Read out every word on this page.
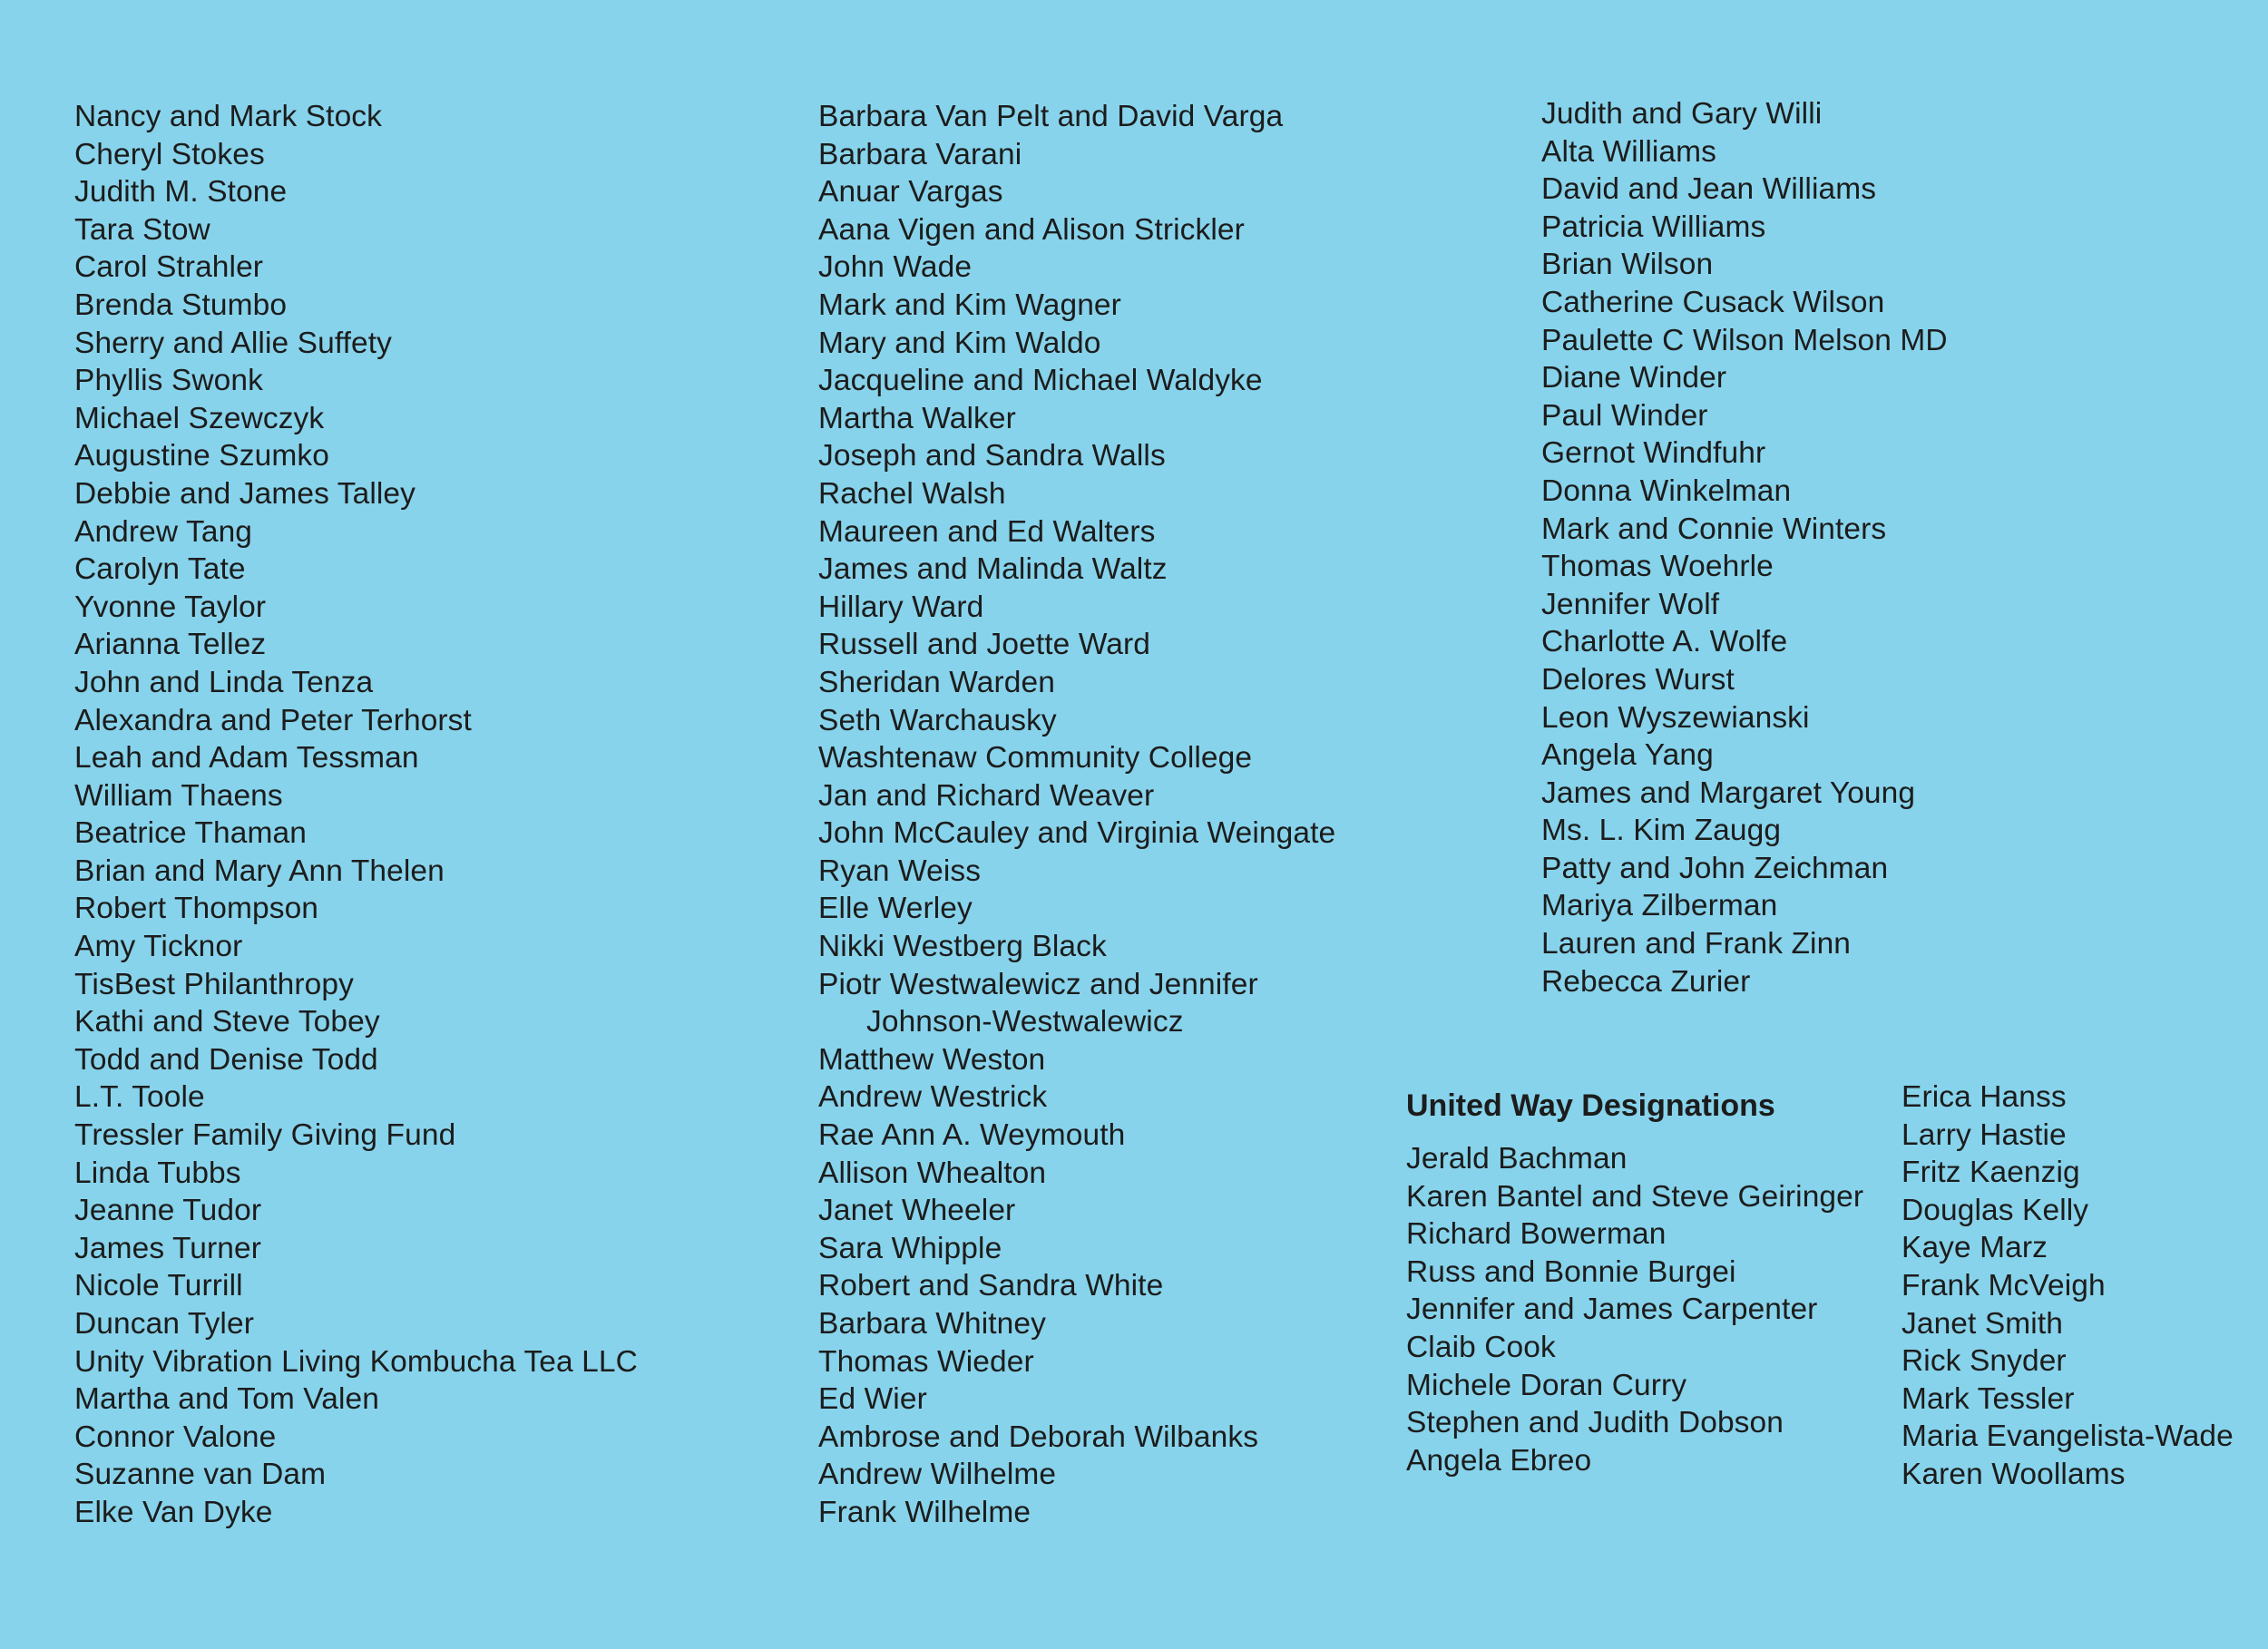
Nancy and Mark Stock
Cheryl Stokes
Judith M. Stone
Tara Stow
Carol Strahler
Brenda Stumbo
Sherry and Allie Suffety
Phyllis Swonk
Michael Szewczyk
Augustine Szumko
Debbie and James Talley
Andrew Tang
Carolyn Tate
Yvonne Taylor
Arianna Tellez
John and Linda Tenza
Alexandra and Peter Terhorst
Leah and Adam Tessman
William Thaens
Beatrice Thaman
Brian and Mary Ann Thelen
Robert Thompson
Amy Ticknor
TisBest Philanthropy
Kathi and Steve Tobey
Todd and Denise Todd
L.T. Toole
Tressler Family Giving Fund
Linda Tubbs
Jeanne Tudor
James Turner
Nicole Turrill
Duncan Tyler
Unity Vibration Living Kombucha Tea LLC
Martha and Tom Valen
Connor Valone
Suzanne van Dam
Elke Van Dyke
Barbara Van Pelt and David Varga
Barbara Varani
Anuar Vargas
Aana Vigen and Alison Strickler
John Wade
Mark and Kim Wagner
Mary and Kim Waldo
Jacqueline and Michael Waldyke
Martha Walker
Joseph and Sandra Walls
Rachel Walsh
Maureen and Ed Walters
James and Malinda Waltz
Hillary Ward
Russell and Joette Ward
Sheridan Warden
Seth Warchausky
Washtenaw Community College
Jan and Richard Weaver
John McCauley and Virginia Weingate
Ryan Weiss
Elle Werley
Nikki Westberg Black
Piotr Westwalewicz and Jennifer
Johnson-Westwalewicz
Matthew Weston
Andrew Westrick
Rae Ann A. Weymouth
Allison Whealton
Janet Wheeler
Sara Whipple
Robert and Sandra White
Barbara Whitney
Thomas Wieder
Ed Wier
Ambrose and Deborah Wilbanks
Andrew Wilhelme
Frank Wilhelme
Judith and Gary Willi
Alta Williams
David and Jean Williams
Patricia Williams
Brian Wilson
Catherine Cusack Wilson
Paulette C Wilson Melson MD
Diane Winder
Paul Winder
Gernot Windfuhr
Donna Winkelman
Mark and Connie Winters
Thomas Woehrle
Jennifer Wolf
Charlotte A. Wolfe
Delores Wurst
Leon Wyszewianski
Angela Yang
James and Margaret Young
Ms. L. Kim Zaugg
Patty and John Zeichman
Mariya Zilberman
Lauren and Frank Zinn
Rebecca Zurier
United Way Designations
Jerald Bachman
Karen Bantel and Steve Geiringer
Richard Bowerman
Russ and Bonnie Burgei
Jennifer and James Carpenter
Claib Cook
Michele Doran Curry
Stephen and Judith Dobson
Angela Ebreo
Erica Hanss
Larry Hastie
Fritz Kaenzig
Douglas Kelly
Kaye Marz
Frank McVeigh
Janet Smith
Rick Snyder
Mark Tessler
Maria Evangelista-Wade
Karen Woollams
